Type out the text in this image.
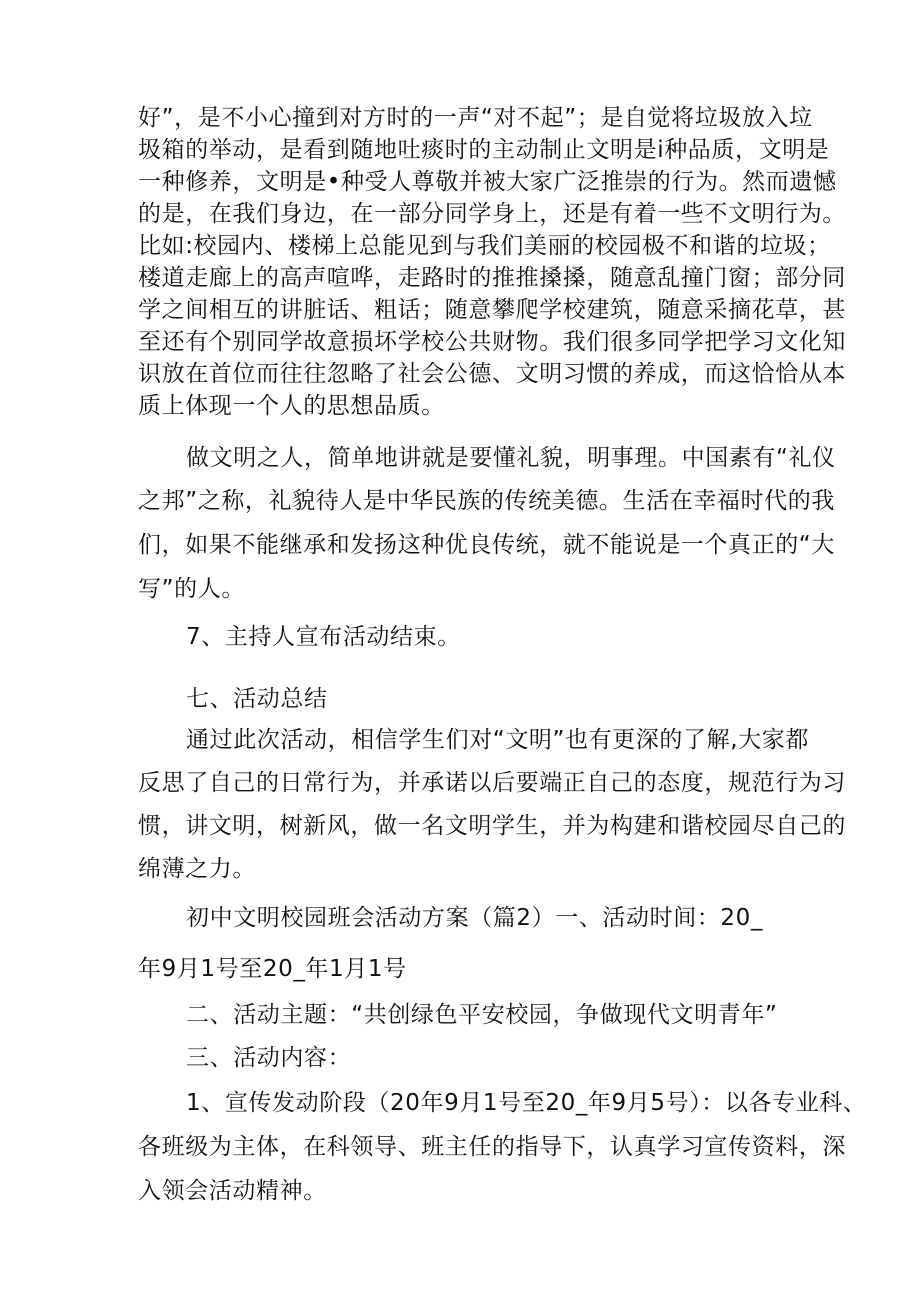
好”，是不小心撞到对方时的一声“对不起”；是自觉将垃圾放入垃

圾箱的举动，是看到随地吐痰时的主动制止文明是i种品质，文明是

一种修养，文明是•种受人尊敬并被大家广泛推崇的行为。然而遗憾

的是，在我们身边，在一部分同学身上，还是有着一些不文明行为。

比如:校园内、楼梯上总能见到与我们美丽的校园极不和谐的垃圾；

楼道走廊上的高声喧哗，走路时的推推搡搡，随意乱撞门窗；部分同

学之间相互的讲脏话、粗话；随意攀爬学校建筑，随意采摘花草，甚

至还有个别同学故意损坏学校公共财物。我们很多同学把学习文化知

识放在首位而往往忽略了社会公德、文明习惯的养成，而这恰恰从本

质上体现一个人的思想品质。

做文明之人，简单地讲就是要懂礼貌，明事理。中国素有“礼仪

之邦”之称，礼貌待人是中华民族的传统美德。生活在幸福时代的我

们，如果不能继承和发扬这种优良传统，就不能说是一个真正的“大

写”的人。

7、主持人宣布活动结束。

七、活动总结

通过此次活动，相信学生们对“文明”也有更深的了解,大家都

反思了自己的日常行为，并承诺以后要端正自己的态度，规范行为习

惯，讲文明，树新风，做一名文明学生，并为构建和谐校园尽自己的

绵薄之力。

初中文明校园班会活动方案（篇2）一、活动时间：20_

年9月1号至20_年1月1号

二、活动主题：“共创绿色平安校园，争做现代文明青年”

三、活动内容：

1、宣传发动阶段（20年9月1号至20_年9月5号）：以各专业科、

各班级为主体，在科领导、班主任的指导下，认真学习宣传资料，深

入领会活动精神。
